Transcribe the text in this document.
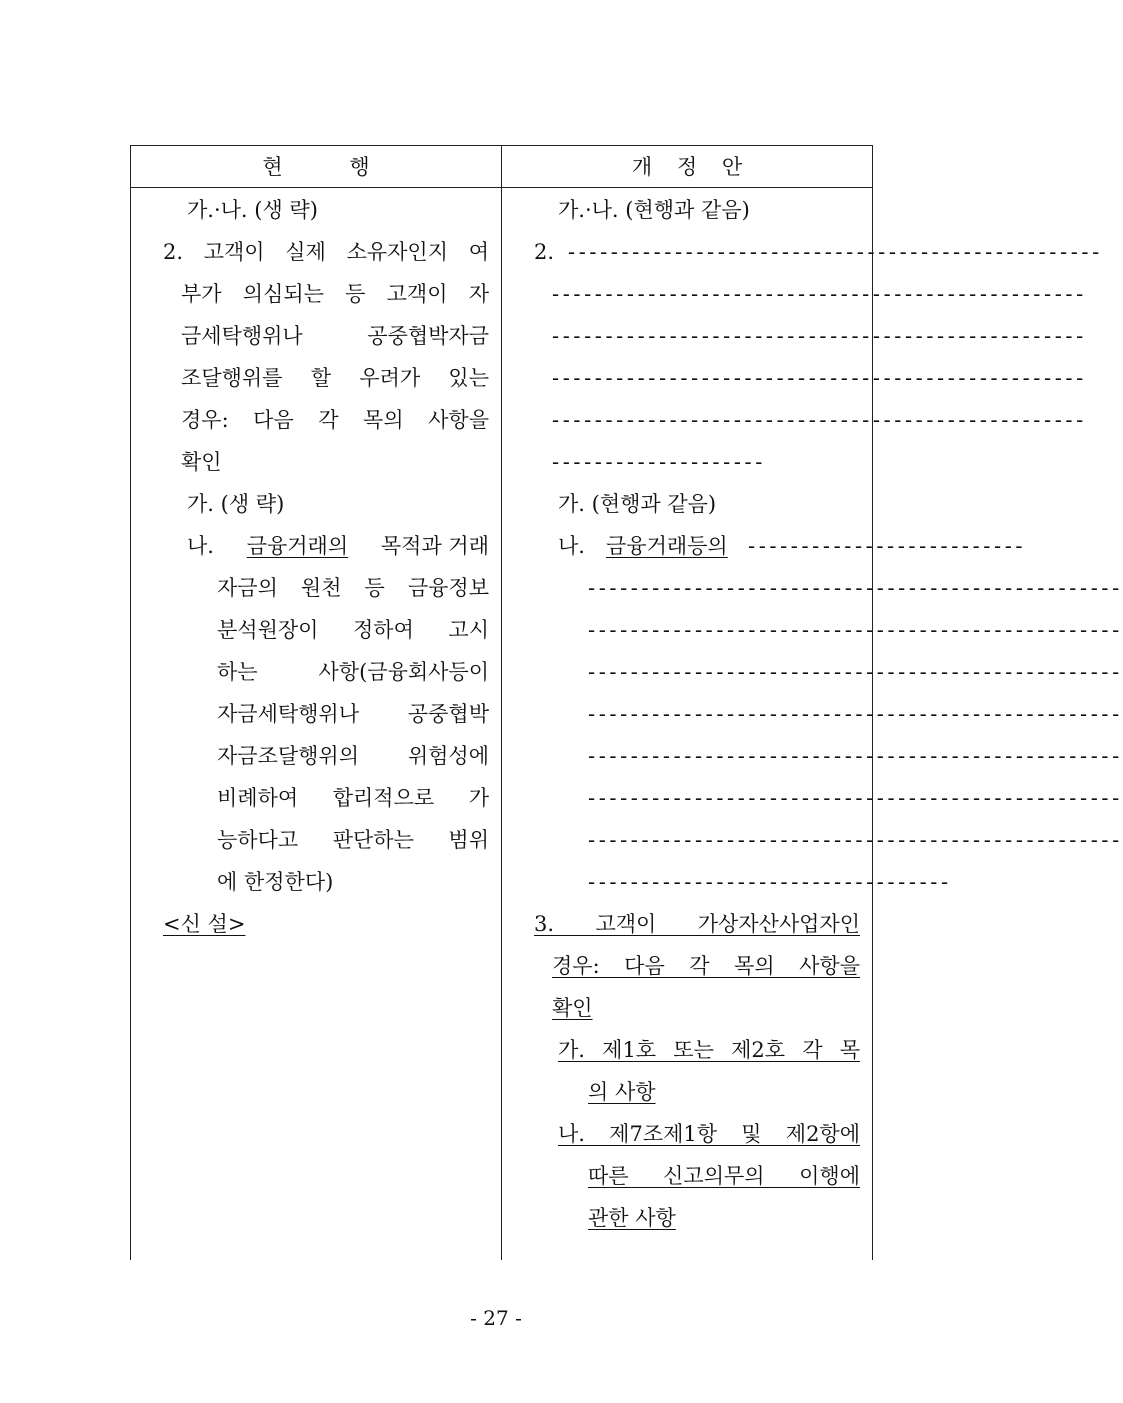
현 행	개 정 안
가.·나. (생 략)
2. 고객이 실제 소유자인지 여
부가 의심되는 등 고객이 자
금세탁행위나 공중협박자금
조달행위를 할 우려가 있는
경우: 다음 각 목의 사항을
확인
가. (생 략)
나. 금융거래의 목적과 거래
자금의 원천 등 금융정보
분석원장이 정하여 고시
하는 사항(금융회사등이
자금세탁행위나 공중협박
자금조달행위의 위험성에
비례하여 합리적으로 가
능하다고 판단하는 범위
에 한정한다)
<신 설>
가.·나. (현행과 같음)
2. --------------------------------------------------
--------------------------------------------------
--------------------------------------------------
--------------------------------------------------
--------------------------------------------------
--------------------
가. (현행과 같음)
나. 금융거래등의 --------------------------
--------------------------------------------------
--------------------------------------------------
--------------------------------------------------
--------------------------------------------------
--------------------------------------------------
--------------------------------------------------
--------------------------------------------------
----------------------------------
3. 고객이 가상자산사업자인
경우: 다음 각 목의 사항을
확인
가. 제1호 또는 제2호 각 목
의 사항
나. 제7조제1항 및 제2항에
따른 신고의무의 이행에
관한 사항
- 27 -
